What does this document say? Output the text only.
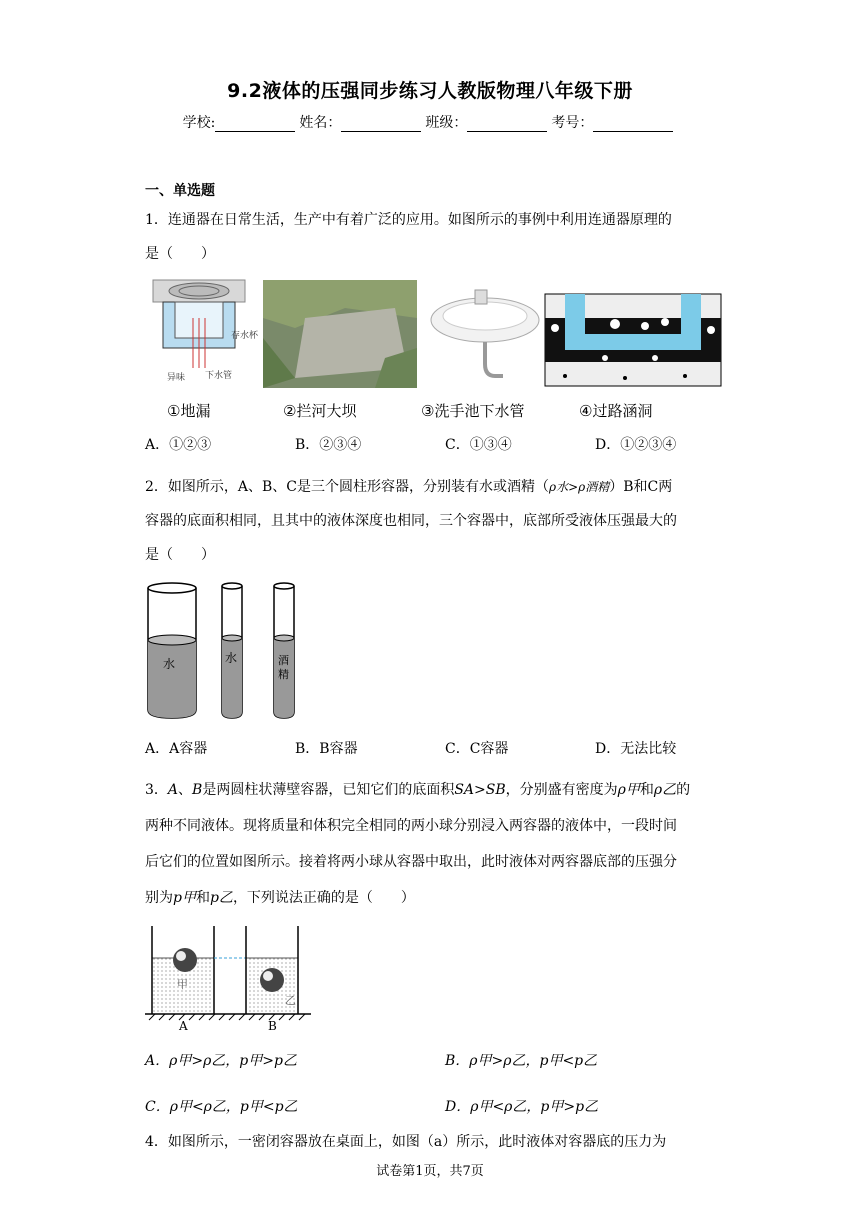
9.2液体的压强同步练习人教版物理八年级下册
学校:	姓名：	班级：	考号：
一、单选题
1．连通器在日常生活，生产中有着广泛的应用。如图所示的事例中利用连通器原理的
是（　　）
存水杯
异味 下水管
①地漏	②拦河大坝	③洗手池下水管	④过路涵洞
A．①②③	B．②③④	C．①③④	D．①②③④
2．如图所示，A、B、C是三个圆柱形容器，分别装有水或酒精（ρ水>ρ酒精）B和C两
容器的底面积相同，且其中的液体深度也相同，三个容器中，底部所受液体压强最大的
是（　　）
水	水	酒
精
A．A容器	B．B容器	C．C容器	D．无法比较
3．A、B是两圆柱状薄壁容器，已知它们的底面积SA>SB，分别盛有密度为ρ甲和ρ乙的
两种不同液体。现将质量和体积完全相同的两小球分别浸入两容器的液体中，一段时间
后它们的位置如图所示。接着将两小球从容器中取出，此时液体对两容器底部的压强分
别为p甲和p乙，下列说法正确的是（　　）
甲
乙
A	B
A．ρ甲>ρ乙，p甲>p乙	B．ρ甲>ρ乙，p甲<p乙
C．ρ甲<ρ乙，p甲<p乙	D．ρ甲<ρ乙，p甲>p乙
4．如图所示，一密闭容器放在桌面上，如图（a）所示，此时液体对容器底的压力为
试卷第1页，共7页
